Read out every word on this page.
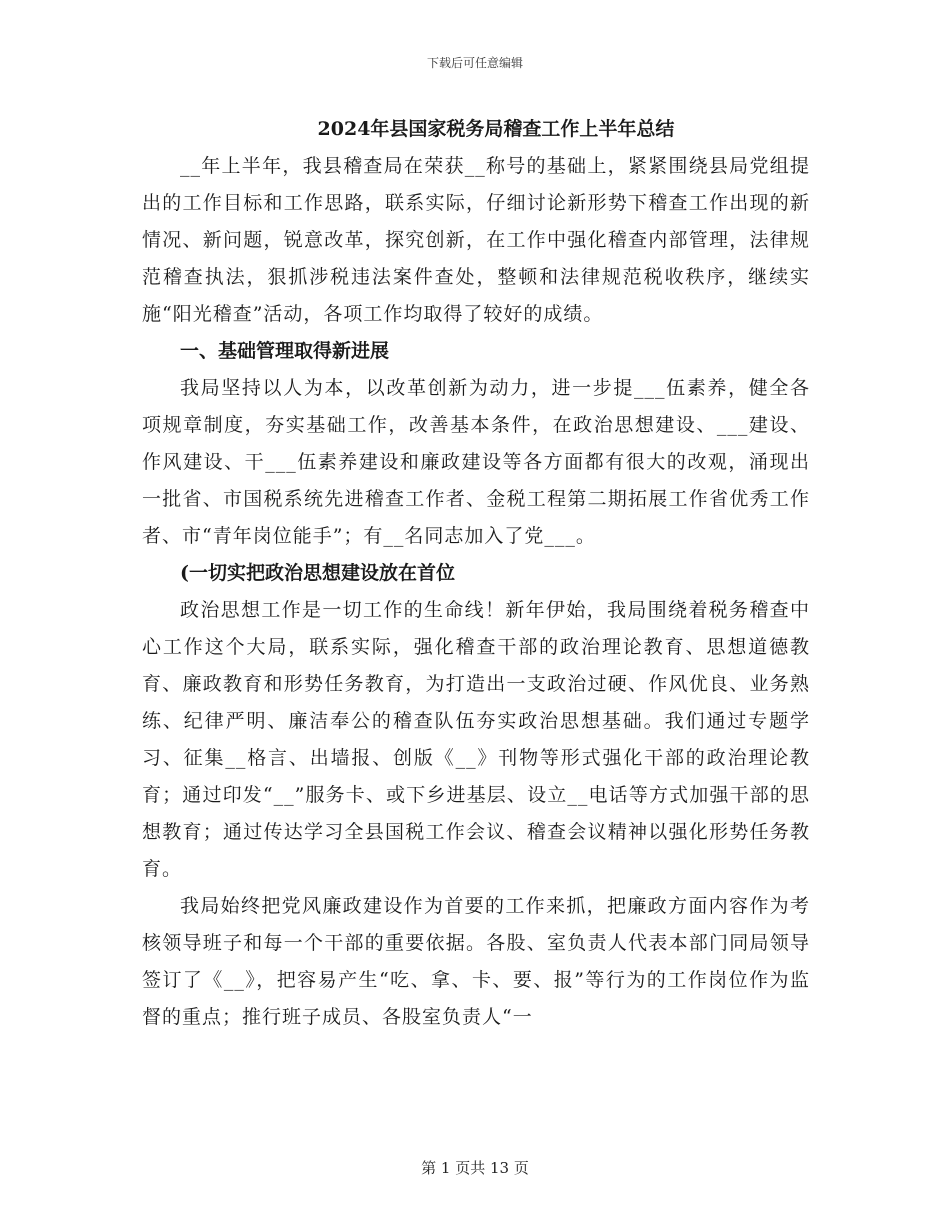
下载后可任意编辑

2024年县国家税务局稽查工作上半年总结

__年上半年，我县稽查局在荣获__称号的基础上，紧紧围绕县局党组提出的工作目标和工作思路，联系实际，仔细讨论新形势下稽查工作出现的新情况、新问题，锐意改革，探究创新，在工作中强化稽查内部管理，法律规范稽查执法，狠抓涉税违法案件查处，整顿和法律规范税收秩序，继续实施“阳光稽查”活动，各项工作均取得了较好的成绩。

一、基础管理取得新进展

我局坚持以人为本，以改革创新为动力，进一步提___伍素养，健全各项规章制度，夯实基础工作，改善基本条件，在政治思想建设、___建设、作风建设、干___伍素养建设和廉政建设等各方面都有很大的改观，涌现出一批省、市国税系统先进稽查工作者、金税工程第二期拓展工作省优秀工作者、市“青年岗位能手”；有__名同志加入了党___。

(一切实把政治思想建设放在首位

政治思想工作是一切工作的生命线！新年伊始，我局围绕着税务稽查中心工作这个大局，联系实际，强化稽查干部的政治理论教育、思想道德教育、廉政教育和形势任务教育，为打造出一支政治过硬、作风优良、业务熟练、纪律严明、廉洁奉公的稽查队伍夯实政治思想基础。我们通过专题学习、征集__格言、出墙报、创版《__》刊物等形式强化干部的政治理论教育；通过印发“__”服务卡、或下乡进基层、设立__电话等方式加强干部的思想教育；通过传达学习全县国税工作会议、稽查会议精神以强化形势任务教育。

我局始终把党风廉政建设作为首要的工作来抓，把廉政方面内容作为考核领导班子和每一个干部的重要依据。各股、室负责人代表本部门同局领导签订了《__》，把容易产生“吃、拿、卡、要、报”等行为的工作岗位作为监督的重点；推行班子成员、各股室负责人“一

第 1 页共 13 页
